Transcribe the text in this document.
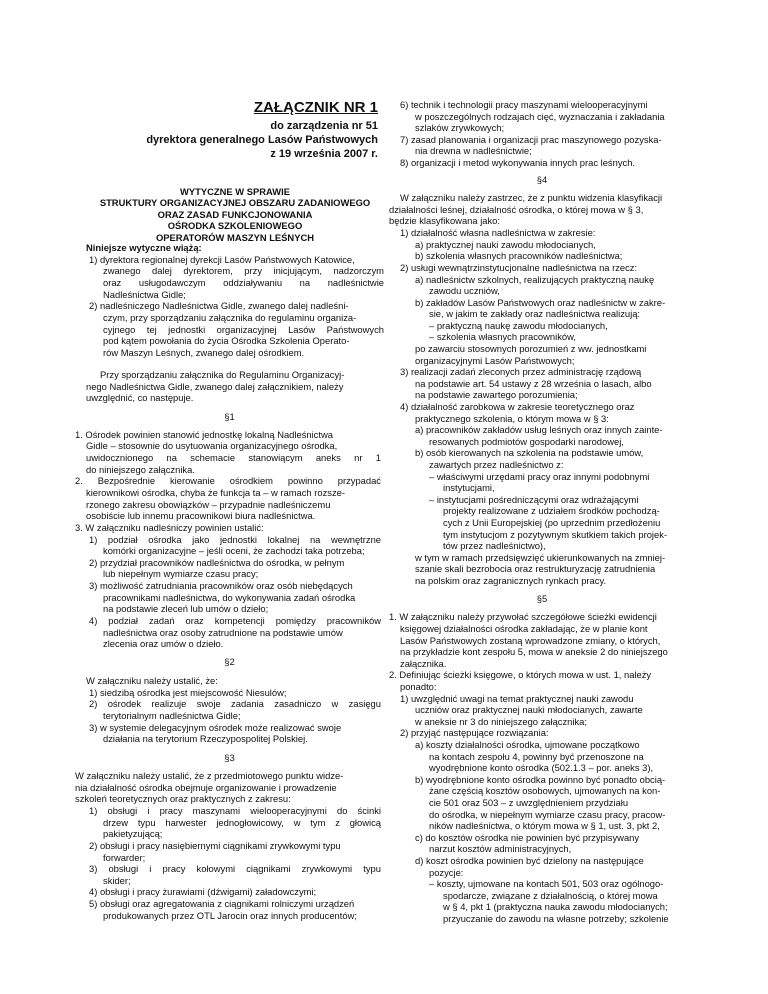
ZAŁĄCZNIK NR 1
do zarządzenia nr 51
dyrektora generalnego Lasów Państwowych
z 19 września 2007 r.
WYTYCZNE W SPRAWIE
STRUKTURY ORGANIZACYJNEJ OBSZARU ZADANIOWEGO
ORAZ ZASAD FUNKCJONOWANIA
OŚRODKA SZKOLENIOWEGO
OPERATORÓW MASZYN LEŚNYCH
Niniejsze wytyczne wiążą:
1) dyrektora regionalnej dyrekcji Lasów Państwowych Katowice,
zwanego dalej dyrektorem, przy inicjującym, nadzorczym
oraz usługodawczym oddziaływaniu na nadleśnictwie
Nadleśnictwa Gidle;
2) nadleśniczego Nadleśnictwa Gidle, zwanego dalej nadleśni-
czym, przy sporządzaniu załącznika do regulaminu organiza-
cyjnego tej jednostki organizacyjnej Lasów Państwowych
pod kątem powołania do życia Ośrodka Szkolenia Operato-
rów Maszyn Leśnych, zwanego dalej ośrodkiem.
Przy sporządzaniu załącznika do Regulaminu Organizacyj-
nego Nadleśnictwa Gidle, zwanego dalej załącznikiem, należy
uwzględnić, co następuje.
1. Ośrodek powinien stanowić jednostkę lokalną Nadleśnictwa
Gidle – stosownie do usytuowania organizacyjnego ośrodka,
uwidocznionego na schemacie stanowiącym aneks nr 1
do niniejszego załącznika.
2. Bezpośrednie kierowanie ośrodkiem powinno przypadać
kierownikowi ośrodka, chyba że funkcja ta – w ramach rozsze-
rzonego zakresu obowiązków – przypadnie nadleśniczemu
osobiście lub innemu pracownikowi biura nadleśnictwa.
3. W załączniku nadleśniczy powinien ustalić:
1) podział ośrodka jako jednostki lokalnej na wewnętrzne
komórki organizacyjne – jeśli oceni, że zachodzi taka potrzeba;
2) przydział pracowników nadleśnictwa do ośrodka, w pełnym
lub niepełnym wymiarze czasu pracy;
3) możliwość zatrudniania pracowników oraz osób niebędących
pracownikami nadleśnictwa, do wykonywania zadań ośrodka
na podstawie zleceń lub umów o dzieło;
4) podział zadań oraz kompetencji pomiędzy pracowników
nadleśnictwa oraz osoby zatrudnione na podstawie umów
zlecenia oraz umów o dzieło.
W załączniku należy ustalić, że:
1) siedzibą ośrodka jest miejscowość Niesulów;
2) ośrodek realizuje swoje zadania zasadniczo w zasięgu
terytorialnym nadleśnictwa Gidle;
3) w systemie delegacyjnym ośrodek może realizować swoje
działania na terytorium Rzeczypospolitej Polskiej.
W załączniku należy ustalić, że z przedmiotowego punktu widze-
nia działalność ośrodka obejmuje organizowanie i prowadzenie
szkoleń teoretycznych oraz praktycznych z zakresu:
1) obsługi i pracy maszynami wielooperacyjnymi do ścinki
drzew typu harwester jednogłowicowy, w tym z głowicą
pakietyzującą;
2) obsługi i pracy nasiębiernymi ciągnikami zrywkowymi typu
forwarder;
3) obsługi i pracy kołowymi ciągnikami zrywkowymi typu
skider;
4) obsługi i pracy żurawiami (dźwigami) załadowczymi;
5) obsługi oraz agregatowania z ciągnikami rolniczymi urządzeń
produkowanych przez OTL Jarocin oraz innych producentów;
6) technik i technologii pracy maszynami wielooperacyjnymi
w poszczególnych rodzajach cięć, wyznaczania i zakładania
szlaków zrywkowych;
7) zasad planowania i organizacji prac maszynowego pozyska-
nia drewna w nadleśnictwie;
8) organizacji i metod wykonywania innych prac leśnych.
W załączniku należy zastrzec, że z punktu widzenia klasyfikacji
działalności leśnej, działalność ośrodka, o której mowa w § 3,
będzie klasyfikowana jako:
1) działalność własna nadleśnictwa w zakresie:
a) praktycznej nauki zawodu młodocianych,
b) szkolenia własnych pracowników nadleśnictwa;
2) usługi wewnątrzinstytucjonalne nadleśnictwa na rzecz:
a) nadleśnictw szkolnych, realizujących praktyczną naukę
zawodu uczniów,
b) zakładów Lasów Państwowych oraz nadleśnictw w zakre-
sie, w jakim te zakłady oraz nadleśnictwa realizują:
– praktyczną naukę zawodu młodocianych,
– szkolenia własnych pracowników,
po zawarciu stosownych porozumień z ww. jednostkami
organizacyjnymi Lasów Państwowych;
3) realizacji zadań zleconych przez administrację rządową
na podstawie art. 54 ustawy z 28 września o lasach, albo
na podstawie zawartego porozumienia;
4) działalność zarobkowa w zakresie teoretycznego oraz
praktycznego szkolenia, o którym mowa w § 3:
a) pracowników zakładów usług leśnych oraz innych zainte-
resowanych podmiotów gospodarki narodowej,
b) osób kierowanych na szkolenia na podstawie umów,
zawartych przez nadleśnictwo z:
– właściwymi urzędami pracy oraz innymi podobnymi
instytucjami,
– instytucjami pośredniczącymi oraz wdrażającymi
projekty realizowane z udziałem środków pochodzą-
cych z Unii Europejskiej (po uprzednim przedłożeniu
tym instytucjom z pozytywnym skutkiem takich projek-
tów przez nadleśnictwo),
w tym w ramach przedsięwzięć ukierunkowanych na zmniej-
szanie skali bezrobocia oraz restrukturyzację zatrudnienia
na polskim oraz zagranicznych rynkach pracy.
1. W załączniku należy przywołać szczegółowe ścieżki ewidencji
księgowej działalności ośrodka zakładając, że w planie kont
Lasów Państwowych zostaną wprowadzone zmiany, o których,
na przykładzie kont zespołu 5, mowa w aneksie 2 do niniejszego
załącznika.
2. Definiując ścieżki księgowe, o których mowa w ust. 1, należy
ponadto:
1) uwzględnić uwagi na temat praktycznej nauki zawodu
uczniów oraz praktycznej nauki młodocianych, zawarte
w aneksie nr 3 do niniejszego załącznika;
2) przyjąć następujące rozwiązania:
a) koszty działalności ośrodka, ujmowane początkowo
na kontach zespołu 4, powinny być przenoszone na
wyodrębnione konto ośrodka (502.1.3 – por. aneks 3),
b) wyodrębnione konto ośrodka powinno być ponadto obcią-
żane częścią kosztów osobowych, ujmowanych na kon-
cie 501 oraz 503 – z uwzględnieniem przydziału
do ośrodka, w niepełnym wymiarze czasu pracy, pracow-
ników nadleśnictwa, o którym mowa w § 1, ust. 3, pkt 2,
c) do kosztów ośrodka nie powinien być przypisywany
narzut kosztów administracyjnych,
d) koszt ośrodka powinien być dzielony na następujące
pozycje:
– koszty, ujmowane na kontach 501, 503 oraz ogólnogo-
spodarcze, związane z działalnością, o której mowa
w § 4, pkt 1 (praktyczna nauka zawodu młodocianych;
przyuczanie do zawodu na własne potrzeby; szkolenie
§1
§2
§3
§4
§5
